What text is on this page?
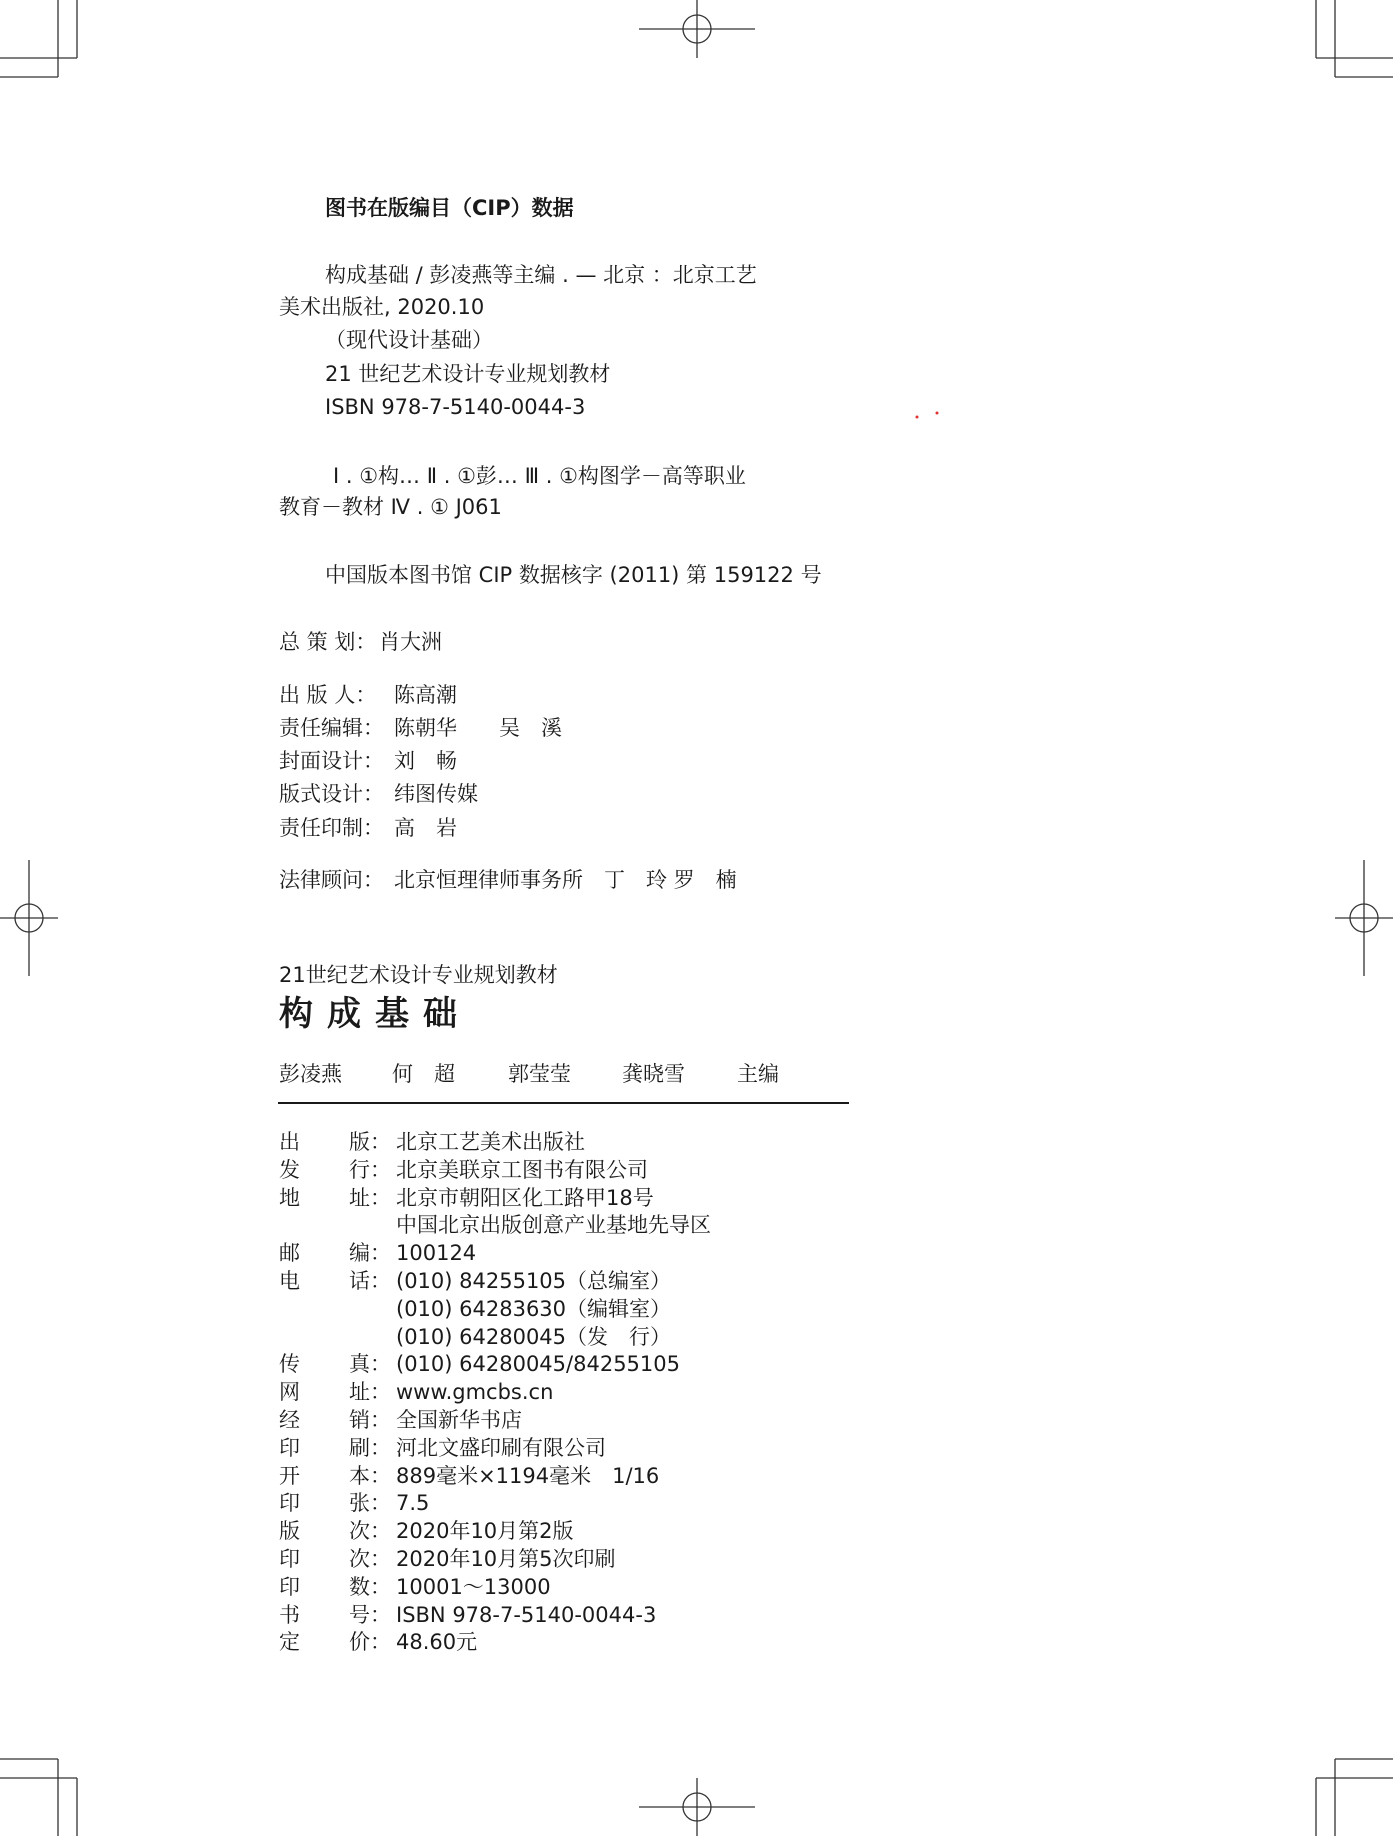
图书在版编目（CIP）数据
构成基础 / 彭凌燕等主编 . — 北京 ：北京工艺
美术出版社, 2020.10
（现代设计基础）
21 世纪艺术设计专业规划教材
ISBN 978-7-5140-0044-3
Ⅰ . ①构… Ⅱ . ①彭… Ⅲ . ①构图学－高等职业
教育－教材 Ⅳ . ① J061
中国版本图书馆 CIP 数据核字 (2011) 第 159122 号
总 策 划： 肖大洲
出 版 人： 陈高潮
责任编辑： 陈朝华　　吴　溪
封面设计： 刘　畅
版式设计： 纬图传媒
责任印制： 高　岩
法律顾问： 北京恒理律师事务所　丁　玲 罗　楠
21世纪艺术设计专业规划教材
构成基础
彭凌燕 何　超	郭莹莹 龚晓雪 主编
出 版： 北京工艺美术出版社
发 行： 北京美联京工图书有限公司
地 址： 北京市朝阳区化工路甲18号
中国北京出版创意产业基地先导区
邮 编： 100124
电 话： (010) 84255105（总编室）
(010) 64283630（编辑室）
(010) 64280045（发　行）
传 真： (010) 64280045/84255105
网 址： www.gmcbs.cn
经 销： 全国新华书店
印 刷： 河北文盛印刷有限公司
开 本： 889毫米×1194毫米　1/16
印 张： 7.5
版 次： 2020年10月第2版
印 次： 2020年10月第5次印刷
印 数： 10001～13000
书 号： ISBN 978-7-5140-0044-3
定 价： 48.60元
